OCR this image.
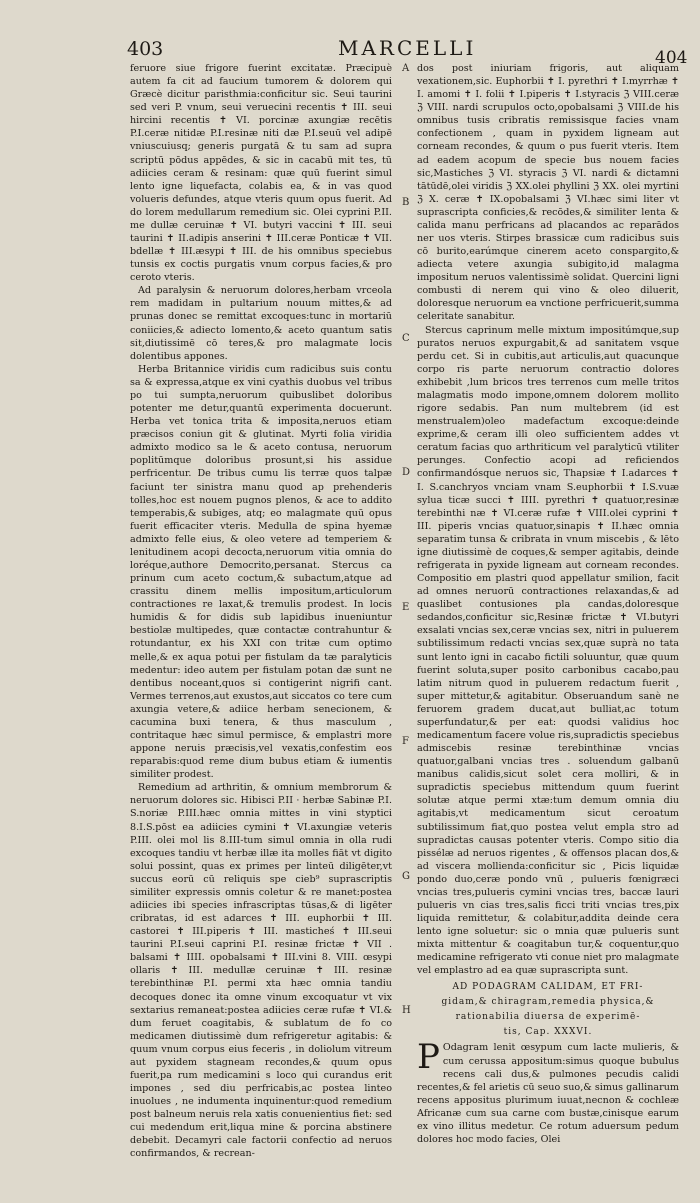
403	MARCELLI	404

feruore siue frigore fuerint excitatæ. Præcipuè autem fa cit ad faucium tumorem & dolorem qui Græcè dicitur paristhmia:conficitur sic. Seui taurini sed veri P. vnum, seui veruecini recentis ✝ III. seui hircini recentis ✝ VI. porcinæ axungiæ recētis P.I.ceræ nitidæ P.I.resinæ niti dæ P.I.seuū vel adipē vniuscuiusq; generis purgatā & tu sam ad supra scriptū pōdus appēdes, & sic in cacabū mit tes, tū adiicies ceram & resinam: quæ quū fuerint simul lento igne liquefacta, colabis ea, & in vas quod volueris defundes, atque vteris quum opus fuerit. Ad do lorem medullarum remedium sic. Olei cyprini P.II. me dullæ ceruinæ ✝ VI. butyri vaccini ✝ III. seui taurini ✝ II.adipis anserini ✝ III.ceræ Ponticæ ✝ VII. bdellæ ✝ III.æsypi ✝ III. de his omnibus speciebus tunsis ex coctis purgatis vnum corpus facies,& pro ceroto vteris.

Ad paralysin & neruorum dolores,herbam vrceola rem madidam in pultarium nouum mittes,& ad prunas donec se remittat excoques:tunc in mortariū coniicies,& adiecto lomento,& aceto quantum satis sit,diutissimē cō teres,& pro malagmate locis dolentibus appones.

Herba Britannice viridis cum radicibus suis contu sa & expressa,atque ex vini cyathis duobus vel tribus po tui sumpta,neruorum quibuslibet doloribus potenter me detur,quantū experimenta docuerunt. Herba vet tonica trita & imposita,neruos etiam præcisos coniun git & glutinat. Myrti folia viridia admixto modico sa le & aceto contusa, neruorum poplitūmque doloribus prosunt,si his assidue perfricentur. De tribus cumu lis terræ quos talpæ faciunt ter sinistra manu quod ap prehenderis tolles,hoc est nouem pugnos plenos, & ace to addito temperabis,& subiges, atq; eo malagmate quū opus fuerit efficaciter vteris. Medulla de spina hyemæ admixto felle eius, & oleo vetere ad temperiem & lenitudinem acopi decocta,neruorum vitia omnia do loréque,authore Democrito,persanat. Stercus ca prinum cum aceto coctum,& subactum,atque ad crassitu dinem mellis impositum,articulorum contractiones re laxat,& tremulis prodest. In locis humidis & for didis sub lapidibus inueniuntur bestiolæ multipedes, quæ contactæ contrahuntur & rotundantur, ex his XXI con tritæ cum optimo melle,& ex aqua potui per fistulam da tæ paralyticis medentur: ideo autem per fistulam potan dæ sunt ne dentibus noceant,quos si contigerint nigrifi cant. Vermes terrenos,aut exustos,aut siccatos co tere cum axungia vetere,& adiice herbam senecionem, & cacumina buxi tenera, & thus masculum , contritaque hæc simul permisce, & emplastri more appone neruis præcisis,vel vexatis,confestim eos reparabis:quod reme dium bubus etiam & iumentis similiter prodest.

Remedium ad arthritin, & omnium membrorum & neruorum dolores sic. Hibisci P.II · herbæ Sabinæ P.I. S.noriæ P.III.hæc omnia mittes in vini styptici 8.I.S.pōst ea adiicies cymini ✝ VI.axungiæ veteris P.III. olei mol lis 8.III-tum simul omnia in olla rudi excoques tandiu vt herbæ illæ ita molles fiāt vt digito solui possint, quas ex primes per linteū diligēter,vt succus eorū cū reliquis spe cieb⁹ suprascriptis similiter expressis omnis coletur & re manet:postea adiicies ibi species infrascriptas tūsas,& di ligēter cribratas, id est adarces ✝ III. euphorbii ✝ III. castorei ✝ III.piperis ✝ III. masticheś ✝ III.seui taurini P.I.seui caprini P.I. resinæ frictæ ✝ VII . balsami ✝ IIII. opobalsami ✝ III.vini 8. VIII. œsypi ollaris ✝ III. medullæ ceruinæ ✝ III. resinæ terebinthinæ P.I. permi xta hæc omnia tandiu decoques donec ita omne vinum excoquatur vt vix sextarius remaneat:postea adiicies ceræ rufæ ✝ VI.& dum feruet coagitabis, & sublatum de fo co medicamen diutissimè dum refrigeretur agitabis: & quum vnum corpus eius feceris , in doliolum vitreum aut pyxidem stagneam recondes,& quum opus fuerit,pa rum medicamini s loco qui curandus erit impones , sed diu perfricabis,ac postea linteo inuolues , ne indumenta inquinentur:quod remedium post balneum neruis rela xatis conuenientius fiet: sed cui medendum erit,liqua mine & porcina abstinere debebit. Decamyri cale factorii confectio ad neruos confirmandos, & recrean-

dos post iniuriam frigoris, aut aliquam vexationem,sic. Euphorbii ✝ I. pyrethri ✝ I.myrrhæ ✝ I. amomi ✝ I. folii ✝ I.piperis ✝ I.styracis ℨ VIII.ceræ ℨ VIII. nardi scrupulos octo,opobalsami ℨ VIII.de his omnibus tusis cribratis remissisque facies vnam confectionem , quam in pyxidem ligneam aut corneam recondes, & quum o pus fuerit vteris. Item ad eadem acopum de specie bus nouem facies sic,Mastiches ℨ VI. styracis ℨ VI. nardi & dictamni tātūdē,olei viridis ℨ XX.olei phyllini ℨ XX. olei myrtini ℨ X. ceræ ✝ IX.opobalsami ℨ VI.hæc simi liter vt suprascripta conficies,& recōdes,& similiter lenta & calida manu perfricans ad placandos ac reparādos ner uos vteris. Stirpes brassicæ cum radicibus suis cō burito,earúmque cinerem aceto conspargito,& adiecta vetere axungia subigito,id malagma impositum neruos valentissimè solidat. Quercini ligni combusti di nerem qui vino & oleo diluerit, doloresque neruorum ea vnctione perfricuerit,summa celeritate sanabitur.

Stercus caprinum melle mixtum impositúmque,sup puratos neruos expurgabit,& ad sanitatem vsque perdu cet. Si in cubitis,aut articulis,aut quacunque corpo ris parte neruorum contractio dolores exhibebit ,lum bricos tres terrenos cum melle tritos malagmatis modo impone,omnem dolorem mollito rigore sedabis. Pan num multebrem (id est menstrualem)oleo madefactum excoque:deinde exprime,& ceram illi oleo sufficientem addes vt ceratum facias quo arthriticum vel paralyticū vtiliter perunges. Confectio acopi ad reficiendos confirmandósque neruos sic, Thapsiæ ✝ I.adarces ✝ I. S.canchryos vnciam vnam S.euphorbii ✝ I.S.vuæ sylua ticæ succi ✝ IIII. pyrethri ✝ quatuor,resinæ terebinthi næ ✝ VI.ceræ rufæ ✝ VIII.olei cyprini ✝ III. piperis vncias quatuor,sinapis ✝ II.hæc omnia separatim tunsa & cribrata in vnum miscebis , & lēto igne diutissimè de coques,& semper agitabis, deinde refrigerata in pyxide ligneam aut corneam recondes. Compositio em plastri quod appellatur smilion, facit ad omnes neruorū contractiones relaxandas,& ad quaslibet contusiones pla candas,doloresque sedandos,conficitur sic,Resinæ frictæ ✝ VI.butyri exsalati vncias sex,ceræ vncias sex, nitri in puluerem subtilissimum redacti vncias sex,quæ suprà no tata sunt lento igni in cacabo fictili soluuntur, quæ quum fuerint soluta,super posito carbonibus cacabo,pau latim nitrum quod in puluerem redactum fuerit , super mittetur,& agitabitur. Obseruandum sanè ne feruorem gradem ducat,aut bulliat,ac totum superfundatur,& per eat: quodsi validius hoc medicamentum facere volue ris,supradictis speciebus admiscebis resinæ terebinthinæ vncias quatuor,galbani vncias tres . soluendum galbanū manibus calidis,sicut solet cera molliri, & in supradictis speciebus mittendum quum fuerint solutæ atque permi xtæ:tum demum omnia diu agitabis,vt medicamentum sicut ceroatum subtilissimum fiat,quo postea velut empla stro ad supradictas causas potenter vteris. Compo sitio dia pissélæ ad neruos rigentes , & offensos placan dos,& ad viscera mollienda:conficitur sic , Picis liquidæ pondo duo,ceræ pondo vnū , pulueris fœnigræci vncias tres,pulueris cymini vncias tres, baccæ lauri pulueris vn cias tres,salis ficci triti vncias tres,pix liquida remittetur, & colabitur,addita deinde cera lento igne soluetur: sic o mnia quæ pulueris sunt mixta mittentur & coagitabun tur,& coquentur,quo medicamine refrigerato vti conue niet pro malagmate vel emplastro ad ea quæ suprascripta sunt.

AD PODAGRAM CALIDAM, ET FRI-

gidam,& chiragram,remedia physica,&

rationabilia diuersa de experimē-

tis, Cap. XXXVI.

P Odagram lenit œsypum cum lacte mulieris, & cum cerussa appositum:simus quoque bubulus recens cali dus,& pulmones pecudis calidi recentes,& fel arietis cū seuo suo,& simus gallinarum recens appositus plurimum iuuat,necnon & cochleæ Africanæ cum sua carne com bustæ,cinisque earum ex vino illitus medetur. Ce rotum aduersum pedum dolores hoc modo facies, Olei

A
B
C
D
E
F
G
H
